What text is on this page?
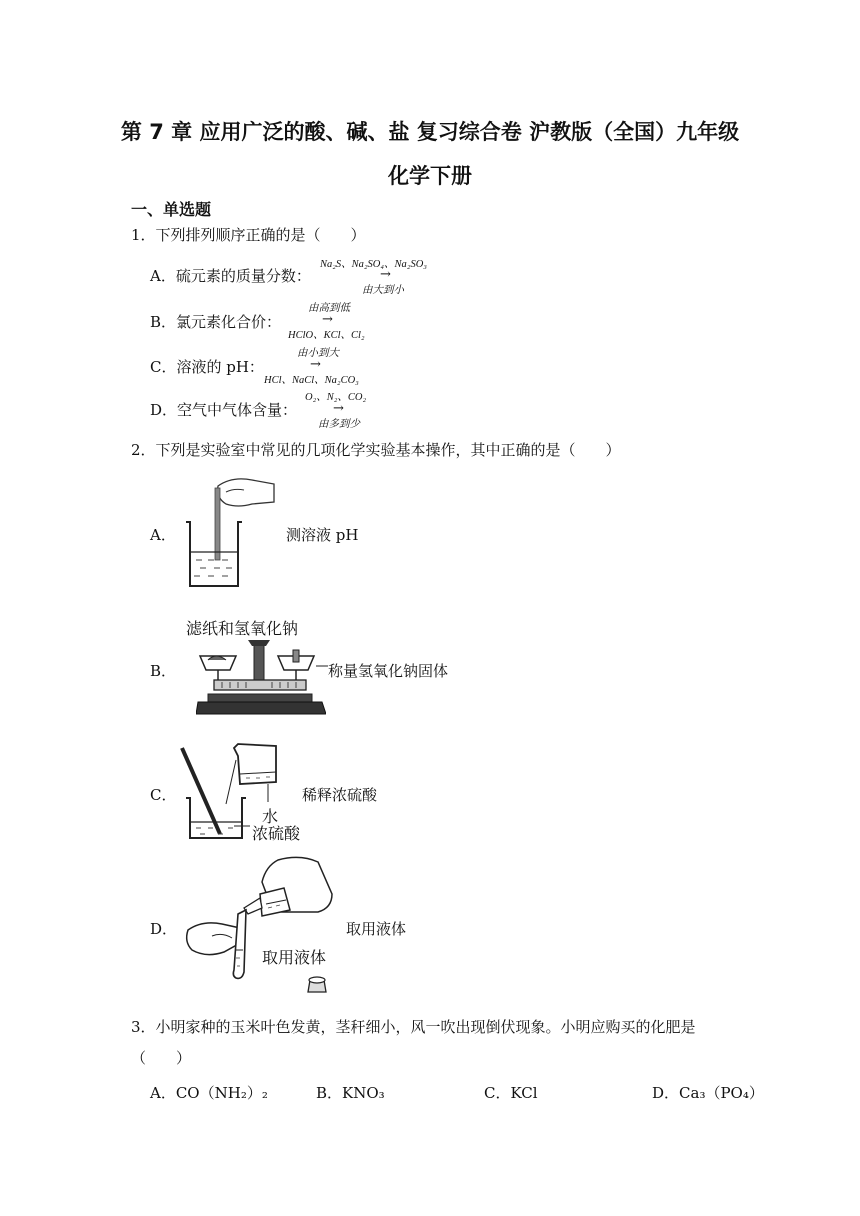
第 7 章 应用广泛的酸、碱、盐 复习综合卷 沪教版（全国）九年级
化学下册
一、单选题
1．下列排列顺序正确的是（　　）
A．硫元素的质量分数：
Na₂S、Na₂SO₄、Na₂SO₃
→
由大到小
B．氯元素化合价：
由高到低
→
HClO、KCl、Cl₂
C．溶液的 pH：
由小到大
→
HCl、NaCl、Na₂CO₃
D．空气中气体含量：
O₂、N₂、CO₂
→
由多到少
2．下列是实验室中常见的几项化学实验基本操作，其中正确的是（　　）
A．	测溶液 pH
B．
滤纸和氢氧化钠
称量氢氧化钠固体
C．
水
浓硫酸
稀释浓硫酸
D．
取用液体
取用液体
3．小明家种的玉米叶色发黄，茎秆细小，风一吹出现倒伏现象。小明应购买的化肥是
（　　）
A．CO（NH₂）₂	B．KNO₃	C．KCl	D．Ca₃（PO₄）
